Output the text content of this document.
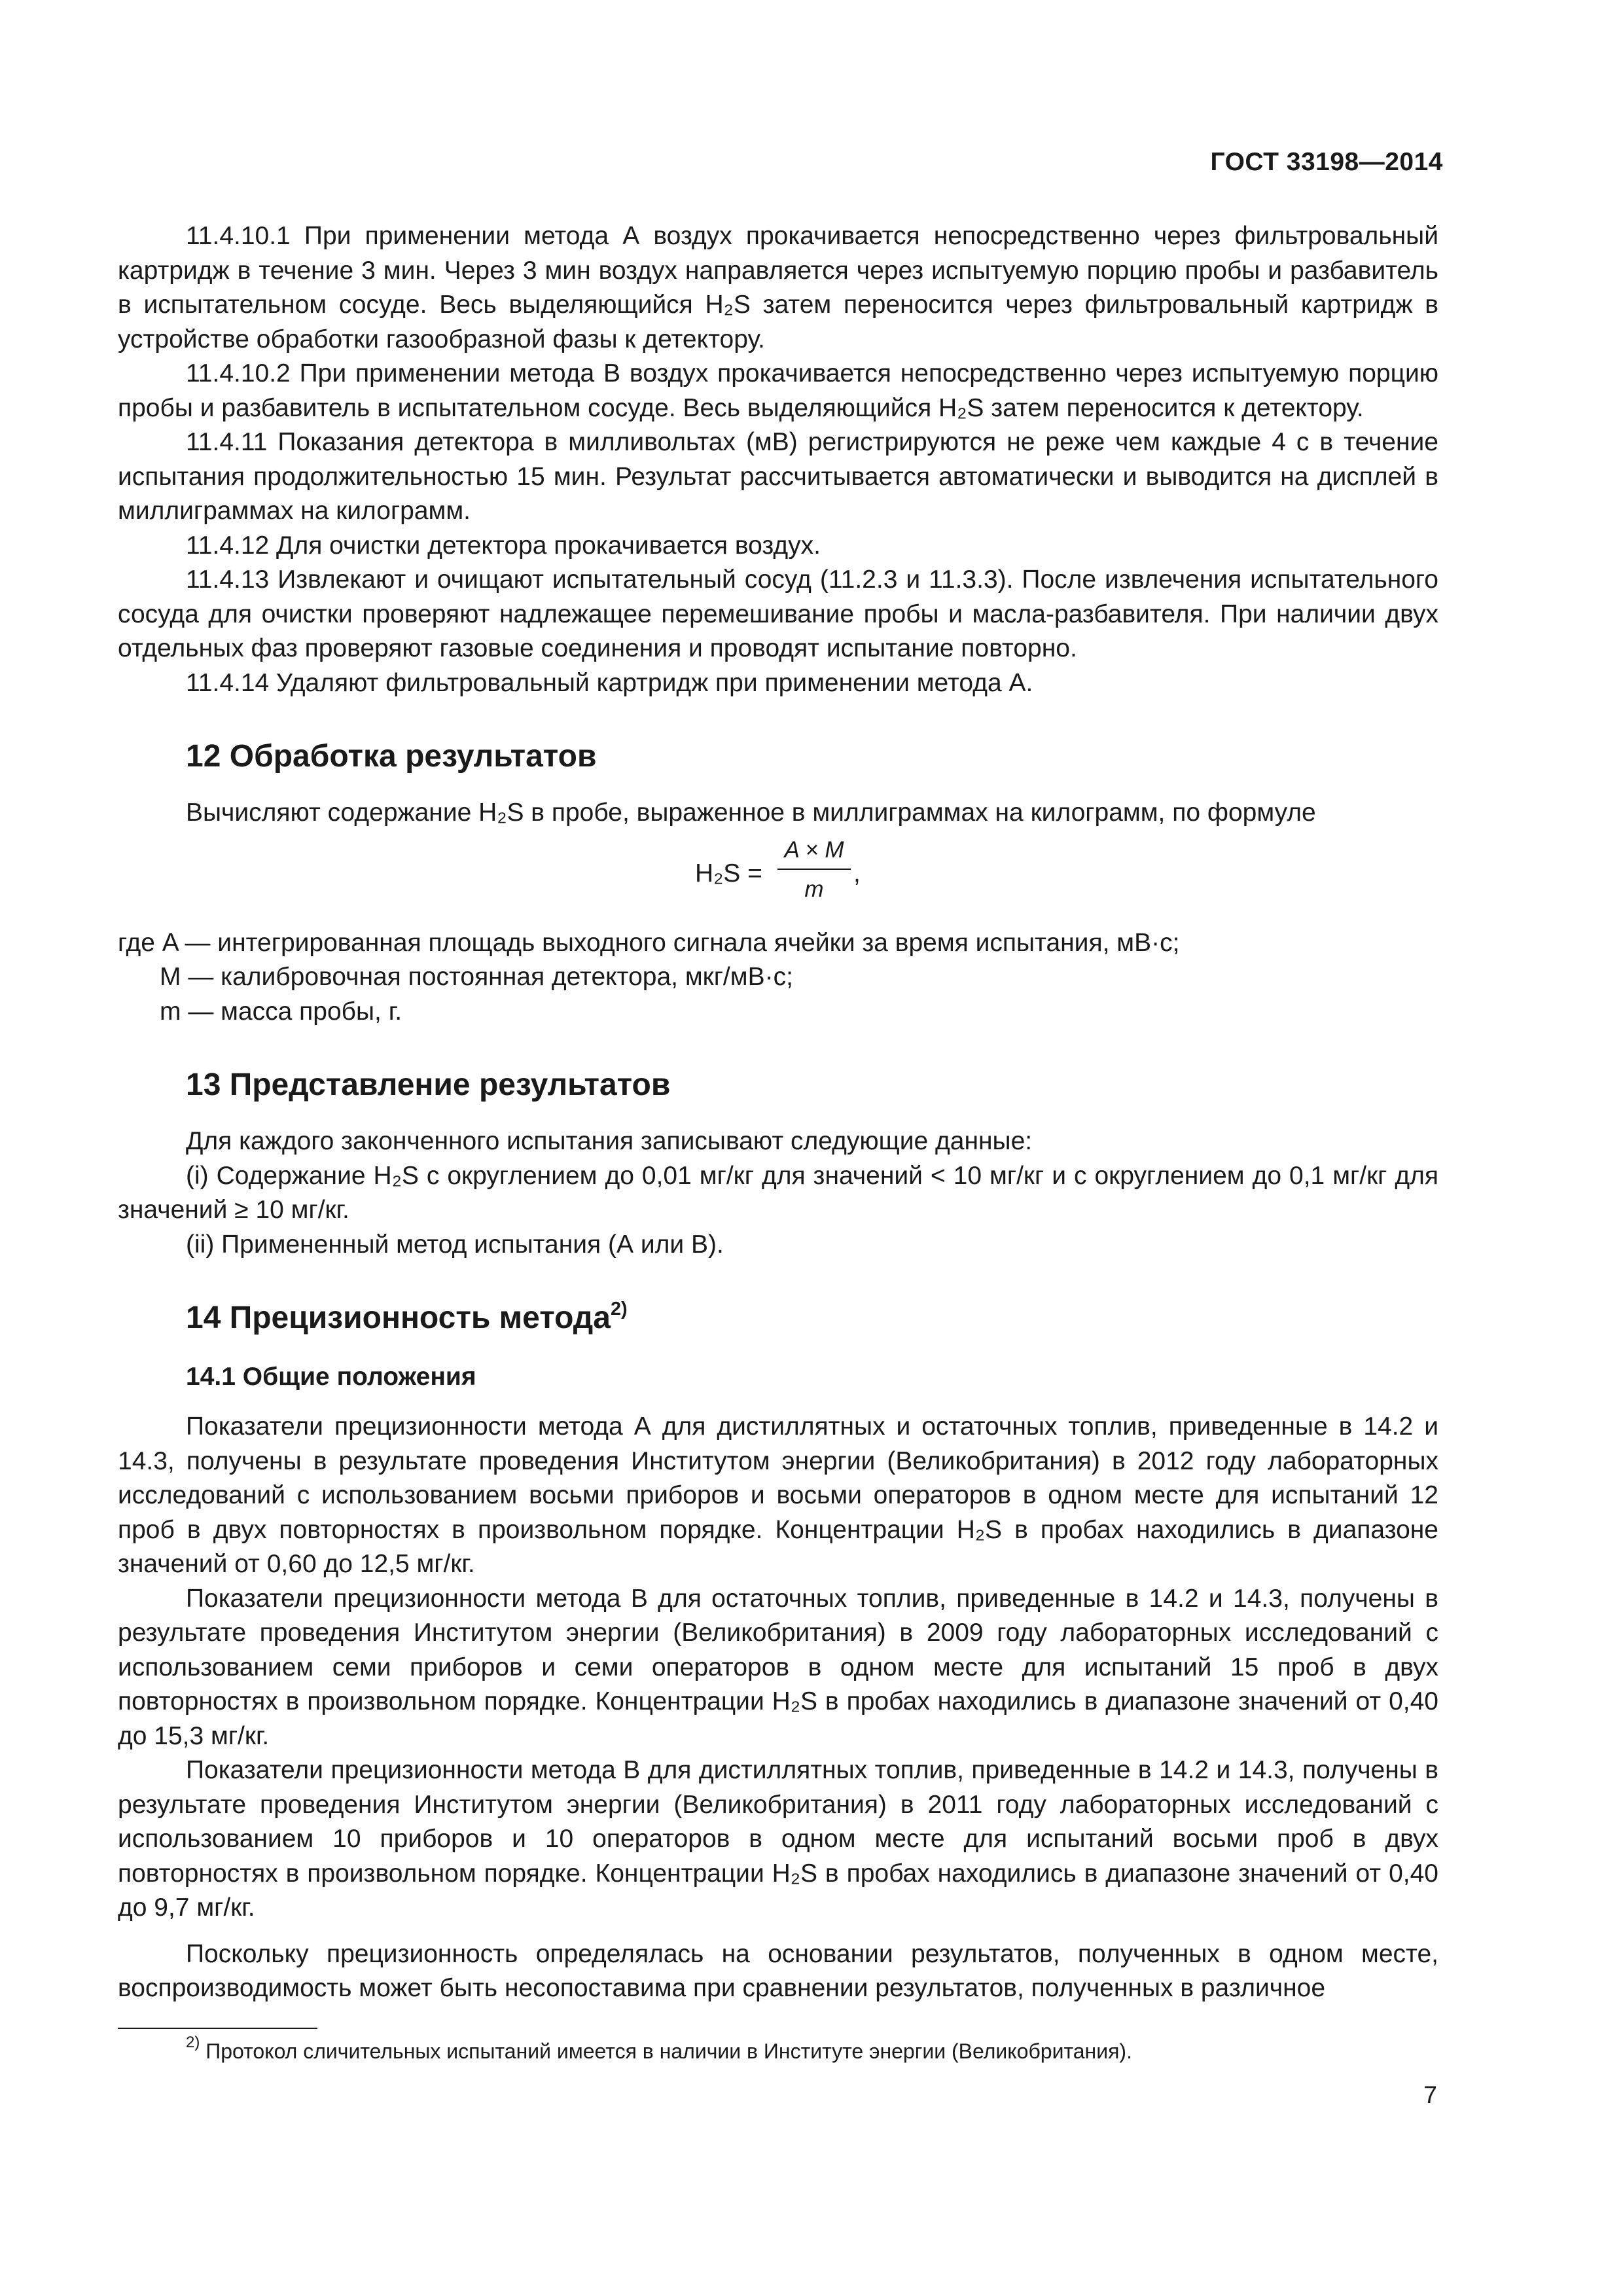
ГОСТ 33198—2014

11.4.10.1 При применении метода А воздух прокачивается непосредственно через фильтровальный картридж в течение 3 мин. Через 3 мин воздух направляется через испытуемую порцию пробы и разбавитель в испытательном сосуде. Весь выделяющийся H₂S затем переносится через фильтровальный картридж в устройстве обработки газообразной фазы к детектору.

11.4.10.2 При применении метода В воздух прокачивается непосредственно через испытуемую порцию пробы и разбавитель в испытательном сосуде. Весь выделяющийся H₂S затем переносится к детектору.

11.4.11 Показания детектора в милливольтах (мВ) регистрируются не реже чем каждые 4 с в течение испытания продолжительностью 15 мин. Результат рассчитывается автоматически и выводится на дисплей в миллиграммах на килограмм.

11.4.12 Для очистки детектора прокачивается воздух.

11.4.13 Извлекают и очищают испытательный сосуд (11.2.3 и 11.3.3). После извлечения испытательного сосуда для очистки проверяют надлежащее перемешивание пробы и масла-разбавителя. При наличии двух отдельных фаз проверяют газовые соединения и проводят испытание повторно.

11.4.14 Удаляют фильтровальный картридж при применении метода А.

12 Обработка результатов

Вычисляют содержание H₂S в пробе, выраженное в миллиграммах на килограмм, по формуле

H₂S =
A × M
m
,

где A — интегрированная площадь выходного сигнала ячейки за время испытания, мВ·с;

M — калибровочная постоянная детектора, мкг/мВ·с;

m — масса пробы, г.

13 Представление результатов

Для каждого законченного испытания записывают следующие данные:

(i) Содержание H₂S с округлением до 0,01 мг/кг для значений < 10 мг/кг и с округлением до 0,1 мг/кг для значений ≥ 10 мг/кг.

(ii) Примененный метод испытания (А или В).

14 Прецизионность метода$^{2)}$
14.1 Общие положения

Показатели прецизионности метода А для дистиллятных и остаточных топлив, приведенные в 14.2 и 14.3, получены в результате проведения Институтом энергии (Великобритания) в 2012 году лабораторных исследований с использованием восьми приборов и восьми операторов в одном месте для испытаний 12 проб в двух повторностях в произвольном порядке. Концентрации H₂S в пробах находились в диапазоне значений от 0,60 до 12,5 мг/кг.

Показатели прецизионности метода В для остаточных топлив, приведенные в 14.2 и 14.3, получены в результате проведения Институтом энергии (Великобритания) в 2009 году лабораторных исследований с использованием семи приборов и семи операторов в одном месте для испытаний 15 проб в двух повторностях в произвольном порядке. Концентрации H₂S в пробах находились в диапазоне значений от 0,40 до 15,3 мг/кг.

Показатели прецизионности метода В для дистиллятных топлив, приведенные в 14.2 и 14.3, получены в результате проведения Институтом энергии (Великобритания) в 2011 году лабораторных исследований с использованием 10 приборов и 10 операторов в одном месте для испытаний восьми проб в двух повторностях в произвольном порядке. Концентрации H₂S в пробах находились в диапазоне значений от 0,40 до 9,7 мг/кг.

Поскольку прецизионность определялась на основании результатов, полученных в одном месте, воспроизводимость может быть несопоставима при сравнении результатов, полученных в различное

$^{2)}$ Протокол сличительных испытаний имеется в наличии в Институте энергии (Великобритания).
7
